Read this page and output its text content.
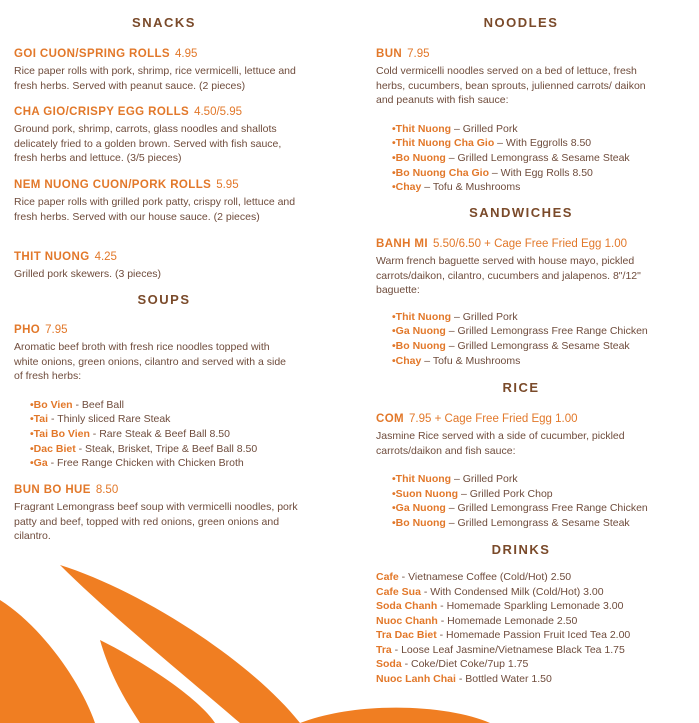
SNACKS
GOI CUON/SPRING ROLLS 4.95
Rice paper rolls with pork, shrimp, rice vermicelli, lettuce and fresh herbs. Served with peanut sauce. (2 pieces)
CHA GIO/CRISPY EGG ROLLS 4.50/5.95
Ground pork, shrimp, carrots, glass noodles and shallots delicately fried to a golden brown. Served with fish sauce, fresh herbs and lettuce. (3/5 pieces)
NEM NUONG CUON/PORK ROLLS 5.95
Rice paper rolls with grilled pork patty, crispy roll, lettuce and fresh herbs. Served with our house sauce. (2 pieces)
THIT NUONG 4.25
Grilled pork skewers. (3 pieces)
SOUPS
PHO 7.95
Aromatic beef broth with fresh rice noodles topped with white onions, green onions, cilantro and served with a side of fresh herbs:
•Bo Vien - Beef Ball
•Tai - Thinly sliced Rare Steak
•Tai Bo Vien - Rare Steak & Beef Ball 8.50
•Dac Biet - Steak, Brisket, Tripe & Beef Ball 8.50
•Ga - Free Range Chicken with Chicken Broth
BUN BO HUE 8.50
Fragrant Lemongrass beef soup with vermicelli noodles, pork patty and beef, topped with red onions, green onions and cilantro.
NOODLES
BUN 7.95
Cold vermicelli noodles served on a bed of lettuce, fresh herbs, cucumbers, bean sprouts, julienned carrots/ daikon and peanuts with fish sauce:
•Thit Nuong – Grilled Pork
•Thit Nuong Cha Gio – With Eggrolls 8.50
•Bo Nuong – Grilled Lemongrass & Sesame Steak
•Bo Nuong Cha Gio – With Egg Rolls 8.50
•Chay – Tofu & Mushrooms
SANDWICHES
BANH MI 5.50/6.50 + Cage Free Fried Egg 1.00
Warm french baguette served with house mayo, pickled carrots/daikon, cilantro, cucumbers and jalapenos. 8"/12" baguette:
•Thit Nuong – Grilled Pork
•Ga Nuong – Grilled Lemongrass Free Range Chicken
•Bo Nuong – Grilled Lemongrass & Sesame Steak
•Chay – Tofu & Mushrooms
RICE
COM 7.95 + Cage Free Fried Egg 1.00
Jasmine Rice served with a side of cucumber, pickled carrots/daikon and fish sauce:
•Thit Nuong – Grilled Pork
•Suon Nuong – Grilled Pork Chop
•Ga Nuong – Grilled Lemongrass Free Range Chicken
•Bo Nuong – Grilled Lemongrass & Sesame Steak
DRINKS
Cafe - Vietnamese Coffee (Cold/Hot) 2.50
Cafe Sua - With Condensed Milk (Cold/Hot) 3.00
Soda Chanh - Homemade Sparkling Lemonade 3.00
Nuoc Chanh - Homemade Lemonade 2.50
Tra Dac Biet - Homemade Passion Fruit Iced Tea 2.00
Tra - Loose Leaf Jasmine/Vietnamese Black Tea 1.75
Soda - Coke/Diet Coke/7up 1.75
Nuoc Lanh Chai - Bottled Water 1.50
